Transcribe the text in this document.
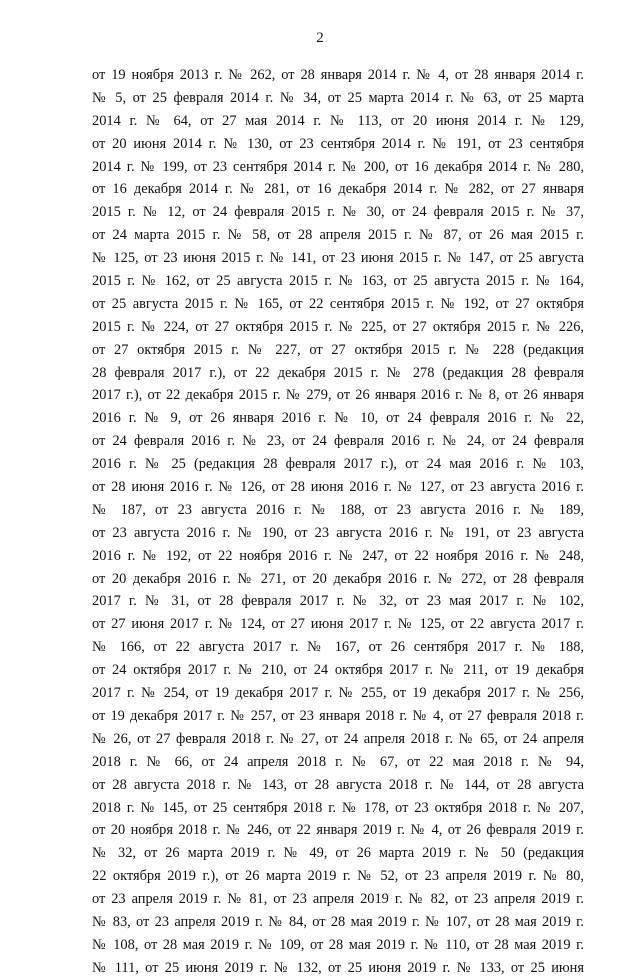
2
от 19 ноября 2013 г. № 262, от 28 января 2014 г. № 4, от 28 января 2014 г.
№ 5, от 25 февраля 2014 г. № 34, от 25 марта 2014 г. № 63, от 25 марта
2014 г. № 64, от 27 мая 2014 г. № 113, от 20 июня 2014 г. № 129,
от 20 июня 2014 г. № 130, от 23 сентября 2014 г. № 191, от 23 сентября
2014 г. № 199, от 23 сентября 2014 г. № 200, от 16 декабря 2014 г. № 280,
от 16 декабря 2014 г. № 281, от 16 декабря 2014 г. № 282, от 27 января
2015 г. № 12, от 24 февраля 2015 г. № 30, от 24 февраля 2015 г. № 37,
от 24 марта 2015 г. № 58, от 28 апреля 2015 г. № 87, от 26 мая 2015 г.
№ 125, от 23 июня 2015 г. № 141, от 23 июня 2015 г. № 147, от 25 августа
2015 г. № 162, от 25 августа 2015 г. № 163, от 25 августа 2015 г. № 164,
от 25 августа 2015 г. № 165, от 22 сентября 2015 г. № 192, от 27 октября
2015 г. № 224, от 27 октября 2015 г. № 225, от 27 октября 2015 г. № 226,
от 27 октября 2015 г. № 227, от 27 октября 2015 г. № 228 (редакция
28 февраля 2017 г.), от 22 декабря 2015 г. № 278 (редакция 28 февраля
2017 г.), от 22 декабря 2015 г. № 279, от 26 января 2016 г. № 8, от 26 января
2016 г. № 9, от 26 января 2016 г. № 10, от 24 февраля 2016 г. № 22,
от 24 февраля 2016 г. № 23, от 24 февраля 2016 г. № 24, от 24 февраля
2016 г. № 25 (редакция 28 февраля 2017 г.), от 24 мая 2016 г. № 103,
от 28 июня 2016 г. № 126, от 28 июня 2016 г. № 127, от 23 августа 2016 г.
№ 187, от 23 августа 2016 г. № 188, от 23 августа 2016 г. № 189,
от 23 августа 2016 г. № 190, от 23 августа 2016 г. № 191, от 23 августа
2016 г. № 192, от 22 ноября 2016 г. № 247, от 22 ноября 2016 г. № 248,
от 20 декабря 2016 г. № 271, от 20 декабря 2016 г. № 272, от 28 февраля
2017 г. № 31, от 28 февраля 2017 г. № 32, от 23 мая 2017 г. № 102,
от 27 июня 2017 г. № 124, от 27 июня 2017 г. № 125, от 22 августа 2017 г.
№ 166, от 22 августа 2017 г. № 167, от 26 сентября 2017 г. № 188,
от 24 октября 2017 г. № 210, от 24 октября 2017 г. № 211, от 19 декабря
2017 г. № 254, от 19 декабря 2017 г. № 255, от 19 декабря 2017 г. № 256,
от 19 декабря 2017 г. № 257, от 23 января 2018 г. № 4, от 27 февраля 2018 г.
№ 26, от 27 февраля 2018 г. № 27, от 24 апреля 2018 г. № 65, от 24 апреля
2018 г. № 66, от 24 апреля 2018 г. № 67, от 22 мая 2018 г. № 94,
от 28 августа 2018 г. № 143, от 28 августа 2018 г. № 144, от 28 августа
2018 г. № 145, от 25 сентября 2018 г. № 178, от 23 октября 2018 г. № 207,
от 20 ноября 2018 г. № 246, от 22 января 2019 г. № 4, от 26 февраля 2019 г.
№ 32, от 26 марта 2019 г. № 49, от 26 марта 2019 г. № 50 (редакция
22 октября 2019 г.), от 26 марта 2019 г. № 52, от 23 апреля 2019 г. № 80,
от 23 апреля 2019 г. № 81, от 23 апреля 2019 г. № 82, от 23 апреля 2019 г.
№ 83, от 23 апреля 2019 г. № 84, от 28 мая 2019 г. № 107, от 28 мая 2019 г.
№ 108, от 28 мая 2019 г. № 109, от 28 мая 2019 г. № 110, от 28 мая 2019 г.
№ 111, от 25 июня 2019 г. № 132, от 25 июня 2019 г. № 133, от 25 июня
